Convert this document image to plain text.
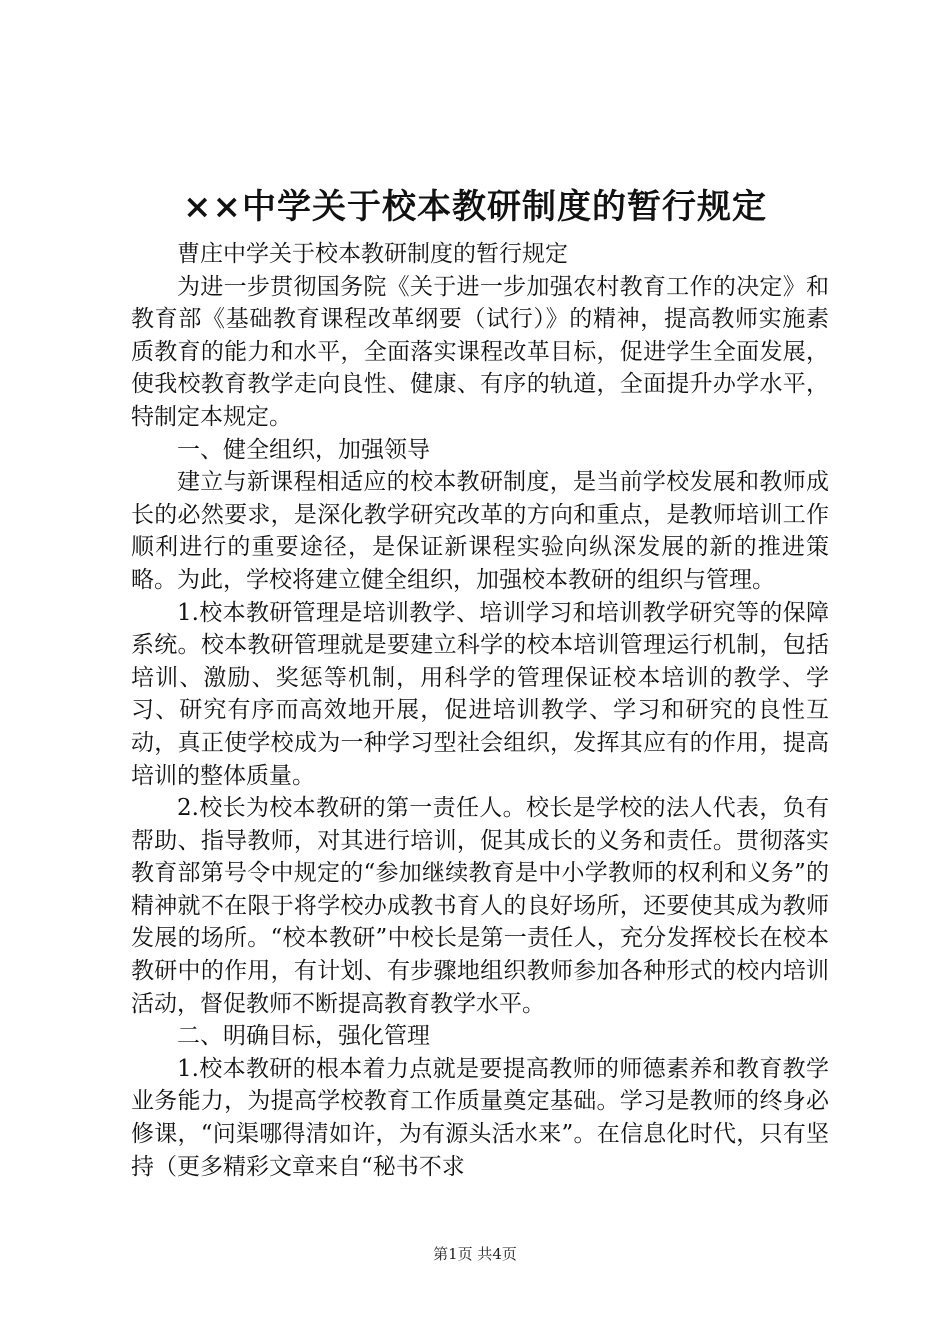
××中学关于校本教研制度的暂行规定

曹庄中学关于校本教研制度的暂行规定

为进一步贯彻国务院《关于进一步加强农村教育工作的决定》和教育部《基础教育课程改革纲要（试行）》的精神，提高教师实施素质教育的能力和水平，全面落实课程改革目标，促进学生全面发展，使我校教育教学走向良性、健康、有序的轨道，全面提升办学水平，特制定本规定。

一、健全组织，加强领导

建立与新课程相适应的校本教研制度，是当前学校发展和教师成长的必然要求，是深化教学研究改革的方向和重点，是教师培训工作顺利进行的重要途径，是保证新课程实验向纵深发展的新的推进策略。为此，学校将建立健全组织，加强校本教研的组织与管理。

1.校本教研管理是培训教学、培训学习和培训教学研究等的保障系统。校本教研管理就是要建立科学的校本培训管理运行机制，包括培训、激励、奖惩等机制，用科学的管理保证校本培训的教学、学习、研究有序而高效地开展，促进培训教学、学习和研究的良性互动，真正使学校成为一种学习型社会组织，发挥其应有的作用，提高培训的整体质量。

2.校长为校本教研的第一责任人。校长是学校的法人代表，负有帮助、指导教师，对其进行培训，促其成长的义务和责任。贯彻落实教育部第号令中规定的“参加继续教育是中小学教师的权利和义务”的精神就不在限于将学校办成教书育人的良好场所，还要使其成为教师发展的场所。“校本教研”中校长是第一责任人，充分发挥校长在校本教研中的作用，有计划、有步骤地组织教师参加各种形式的校内培训活动，督促教师不断提高教育教学水平。

二、明确目标，强化管理

1.校本教研的根本着力点就是要提高教师的师德素养和教育教学业务能力，为提高学校教育工作质量奠定基础。学习是教师的终身必修课，“问渠哪得清如许，为有源头活水来”。在信息化时代，只有坚持（更多精彩文章来自“秘书不求

第1页 共4页
